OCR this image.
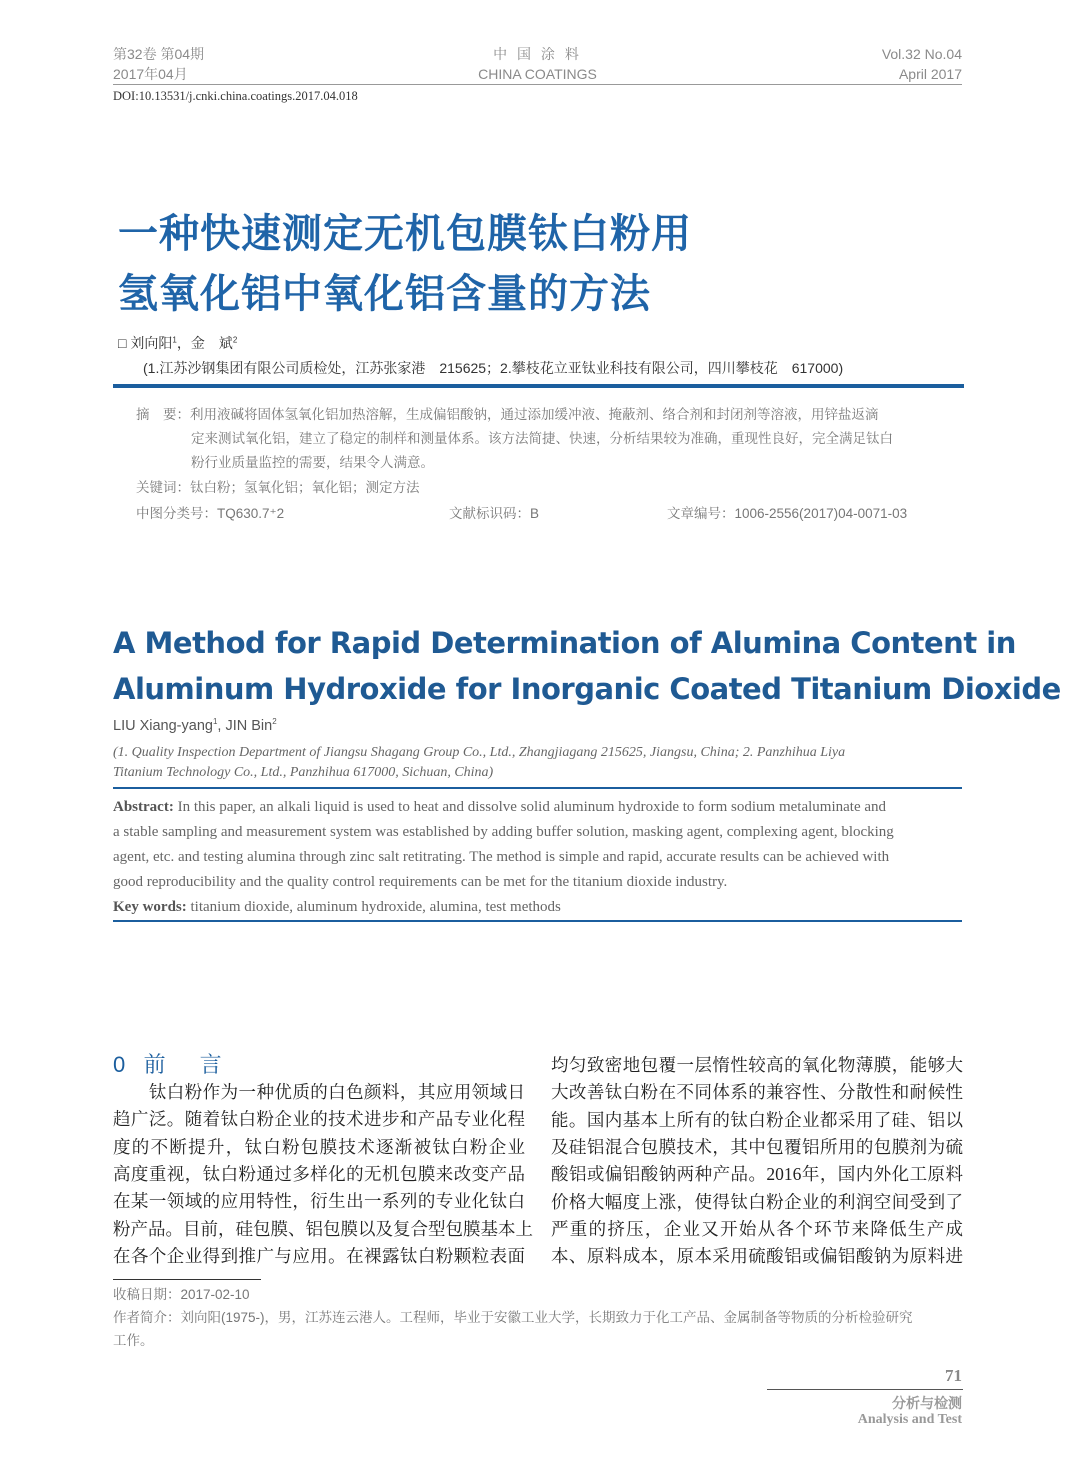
第32卷 第04期
2017年04月
中 国 涂 料
CHINA COATINGS
Vol.32 No.04
April 2017
DOI:10.13531/j.cnki.china.coatings.2017.04.018
一种快速测定无机包膜钛白粉用
氢氧化铝中氧化铝含量的方法
□ 刘向阳$^1$，金　斌$^2$
(1.江苏沙钢集团有限公司质检处，江苏张家港　215625；2.攀枝花立亚钛业科技有限公司，四川攀枝花　617000)
摘　要：利用液碱将固体氢氧化铝加热溶解，生成偏铝酸钠，通过添加缓冲液、掩蔽剂、络合剂和封闭剂等溶液，用锌盐返滴
定来测试氧化铝，建立了稳定的制样和测量体系。该方法简捷、快速，分析结果较为准确，重现性良好，完全满足钛白
粉行业质量监控的需要，结果令人满意。
关键词：钛白粉；氢氧化铝；氧化铝；测定方法
中图分类号：TQ630.7⁺2	文献标识码：B	文章编号：1006-2556(2017)04-0071-03
A Method for Rapid Determination of Alumina Content in
Aluminum Hydroxide for Inorganic Coated Titanium Dioxide
LIU Xiang-yang$^1$, JIN Bin$^2$
(1. Quality Inspection Department of Jiangsu Shagang Group Co., Ltd., Zhangjiagang 215625, Jiangsu, China; 2. Panzhihua Liya
Titanium Technology Co., Ltd., Panzhihua 617000, Sichuan, China)
Abstract: In this paper, an alkali liquid is used to heat and dissolve solid aluminum hydroxide to form sodium metaluminate and
a stable sampling and measurement system was established by adding buffer solution, masking agent, complexing agent, blocking
agent, etc. and testing alumina through zinc salt retitrating. The method is simple and rapid, accurate results can be achieved with
good reproducibility and the quality control requirements can be met for the titanium dioxide industry.
Key words: titanium dioxide, aluminum hydroxide, alumina, test methods
0 前　言
　　钛白粉作为一种优质的白色颜料，其应用领域日
趋广泛。随着钛白粉企业的技术进步和产品专业化程
度的不断提升，钛白粉包膜技术逐渐被钛白粉企业
高度重视，钛白粉通过多样化的无机包膜来改变产品
在某一领域的应用特性，衍生出一系列的专业化钛白
粉产品。目前，硅包膜、铝包膜以及复合型包膜基本上
在各个企业得到推广与应用。在裸露钛白粉颗粒表面
均匀致密地包覆一层惰性较高的氧化物薄膜，能够大
大改善钛白粉在不同体系的兼容性、分散性和耐候性
能。国内基本上所有的钛白粉企业都采用了硅、铝以
及硅铝混合包膜技术，其中包覆铝所用的包膜剂为硫
酸铝或偏铝酸钠两种产品。2016年，国内外化工原料
价格大幅度上涨，使得钛白粉企业的利润空间受到了
严重的挤压，企业又开始从各个环节来降低生产成
本、原料成本，原本采用硫酸铝或偏铝酸钠为原料进
收稿日期：2017-02-10
作者简介：刘向阳(1975-)，男，江苏连云港人。工程师，毕业于安徽工业大学，长期致力于化工产品、金属制备等物质的分析检验研究
工作。
71
分析与检测
Analysis and Test
